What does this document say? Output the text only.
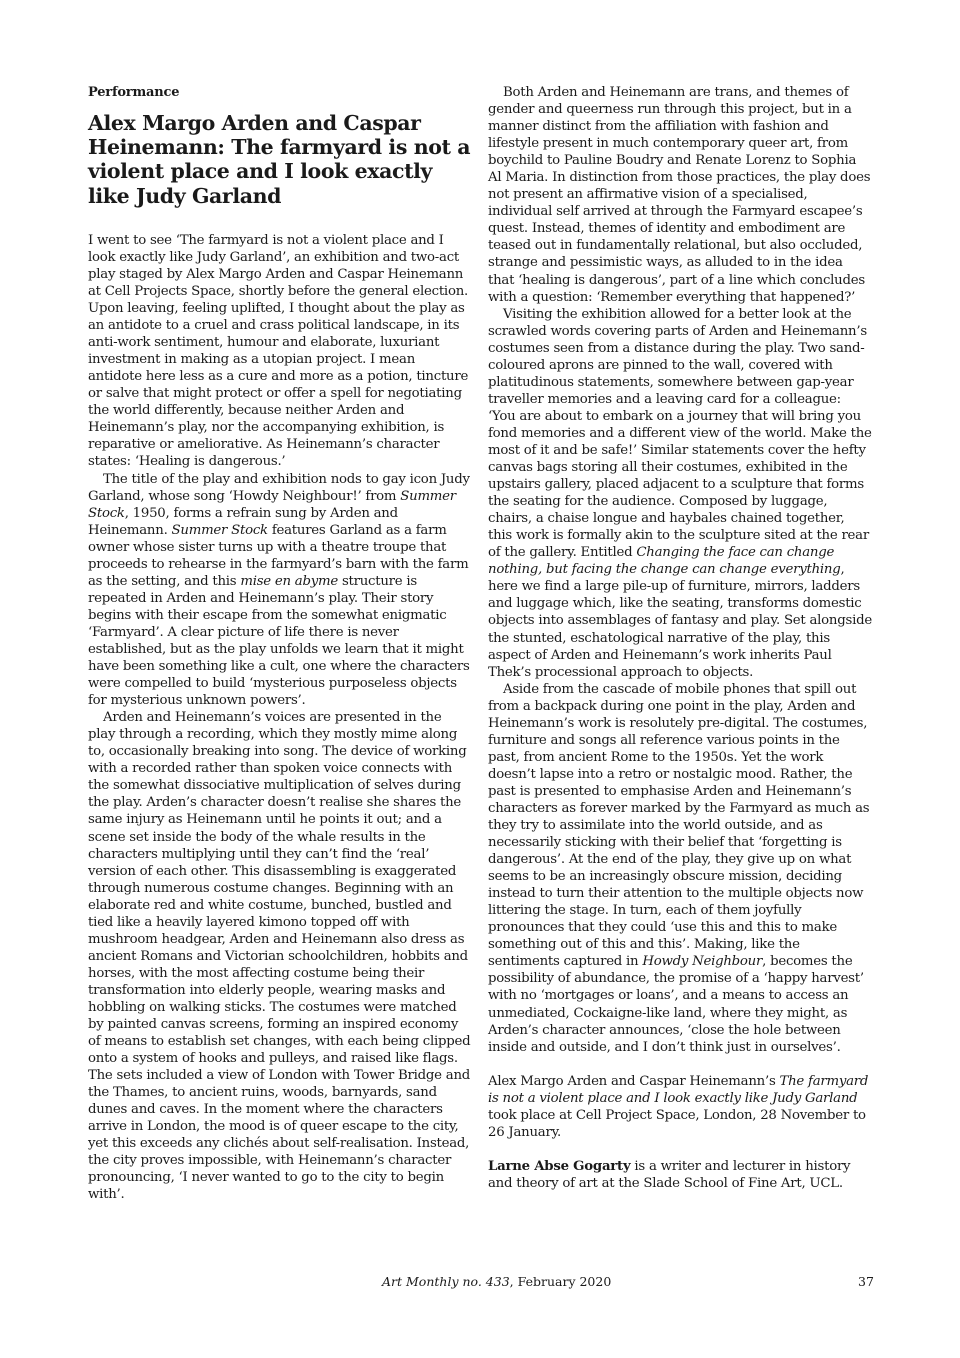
Performance
Alex Margo Arden and Caspar Heinemann: The farmyard is not a violent place and I look exactly like Judy Garland

I went to see ‘The farmyard is not a violent place and I look exactly like Judy Garland’, an exhibition and two-act play staged by Alex Margo Arden and Caspar Heinemann at Cell Projects Space, shortly before the general election. Upon leaving, feeling uplifted, I thought about the play as an antidote to a cruel and crass political landscape, in its anti-work sentiment, humour and elaborate, luxuriant investment in making as a utopian project. I mean antidote here less as a cure and more as a potion, tincture or salve that might protect or offer a spell for negotiating the world differently, because neither Arden and Heinemann’s play, nor the accompanying exhibition, is reparative or ameliorative. As Heinemann’s character states: ‘Healing is dangerous.’

The title of the play and exhibition nods to gay icon Judy Garland, whose song ‘Howdy Neighbour!’ from Summer Stock, 1950, forms a refrain sung by Arden and Heinemann. Summer Stock features Garland as a farm owner whose sister turns up with a theatre troupe that proceeds to rehearse in the farmyard’s barn with the farm as the setting, and this mise en abyme structure is repeated in Arden and Heinemann’s play. Their story begins with their escape from the somewhat enigmatic ‘Farmyard’. A clear picture of life there is never established, but as the play unfolds we learn that it might have been something like a cult, one where the characters were compelled to build ‘mysterious purposeless objects for mysterious unknown powers’.

Arden and Heinemann’s voices are presented in the play through a recording, which they mostly mime along to, occasionally breaking into song. The device of working with a recorded rather than spoken voice connects with the somewhat dissociative multiplication of selves during the play. Arden’s character doesn’t realise she shares the same injury as Heinemann until he points it out; and a scene set inside the body of the whale results in the characters multiplying until they can’t find the ‘real’ version of each other. This disassembling is exaggerated through numerous costume changes. Beginning with an elaborate red and white costume, bunched, bustled and tied like a heavily layered kimono topped off with mushroom headgear, Arden and Heinemann also dress as ancient Romans and Victorian schoolchildren, hobbits and horses, with the most affecting costume being their transformation into elderly people, wearing masks and hobbling on walking sticks. The costumes were matched by painted canvas screens, forming an inspired economy of means to establish set changes, with each being clipped onto a system of hooks and pulleys, and raised like flags. The sets included a view of London with Tower Bridge and the Thames, to ancient ruins, woods, barnyards, sand dunes and caves. In the moment where the characters arrive in London, the mood is of queer escape to the city, yet this exceeds any clichés about self-realisation. Instead, the city proves impossible, with Heinemann’s character pronouncing, ‘I never wanted to go to the city to begin with’.

Both Arden and Heinemann are trans, and themes of gender and queerness run through this project, but in a manner distinct from the affiliation with fashion and lifestyle present in much contemporary queer art, from boychild to Pauline Boudry and Renate Lorenz to Sophia Al Maria. In distinction from those practices, the play does not present an affirmative vision of a specialised, individual self arrived at through the Farmyard escapee’s quest. Instead, themes of identity and embodiment are teased out in fundamentally relational, but also occluded, strange and pessimistic ways, as alluded to in the idea that ‘healing is dangerous’, part of a line which concludes with a question: ‘Remember everything that happened?’

Visiting the exhibition allowed for a better look at the scrawled words covering parts of Arden and Heinemann’s costumes seen from a distance during the play. Two sand-coloured aprons are pinned to the wall, covered with platitudinous statements, somewhere between gap-year traveller memories and a leaving card for a colleague: ‘You are about to embark on a journey that will bring you fond memories and a different view of the world. Make the most of it and be safe!’ Similar statements cover the hefty canvas bags storing all their costumes, exhibited in the upstairs gallery, placed adjacent to a sculpture that forms the seating for the audience. Composed by luggage, chairs, a chaise longue and haybales chained together, this work is formally akin to the sculpture sited at the rear of the gallery. Entitled Changing the face can change nothing, but facing the change can change everything, here we find a large pile-up of furniture, mirrors, ladders and luggage which, like the seating, transforms domestic objects into assemblages of fantasy and play. Set alongside the stunted, eschatological narrative of the play, this aspect of Arden and Heinemann’s work inherits Paul Thek’s processional approach to objects.

Aside from the cascade of mobile phones that spill out from a backpack during one point in the play, Arden and Heinemann’s work is resolutely pre-digital. The costumes, furniture and songs all reference various points in the past, from ancient Rome to the 1950s. Yet the work doesn’t lapse into a retro or nostalgic mood. Rather, the past is presented to emphasise Arden and Heinemann’s characters as forever marked by the Farmyard as much as they try to assimilate into the world outside, and as necessarily sticking with their belief that ‘forgetting is dangerous’. At the end of the play, they give up on what seems to be an increasingly obscure mission, deciding instead to turn their attention to the multiple objects now littering the stage. In turn, each of them joyfully pronounces that they could ‘use this and this to make something out of this and this’. Making, like the sentiments captured in Howdy Neighbour, becomes the possibility of abundance, the promise of a ‘happy harvest’ with no ‘mortgages or loans’, and a means to access an unmediated, Cockaigne-like land, where they might, as Arden’s character announces, ‘close the hole between inside and outside, and I don’t think just in ourselves’.

Alex Margo Arden and Caspar Heinemann’s The farmyard is not a violent place and I look exactly like Judy Garland took place at Cell Project Space, London, 28 November to 26 January.

Larne Abse Gogarty is a writer and lecturer in history and theory of art at the Slade School of Fine Art, UCL.

Art Monthly no. 433, February 2020	37
